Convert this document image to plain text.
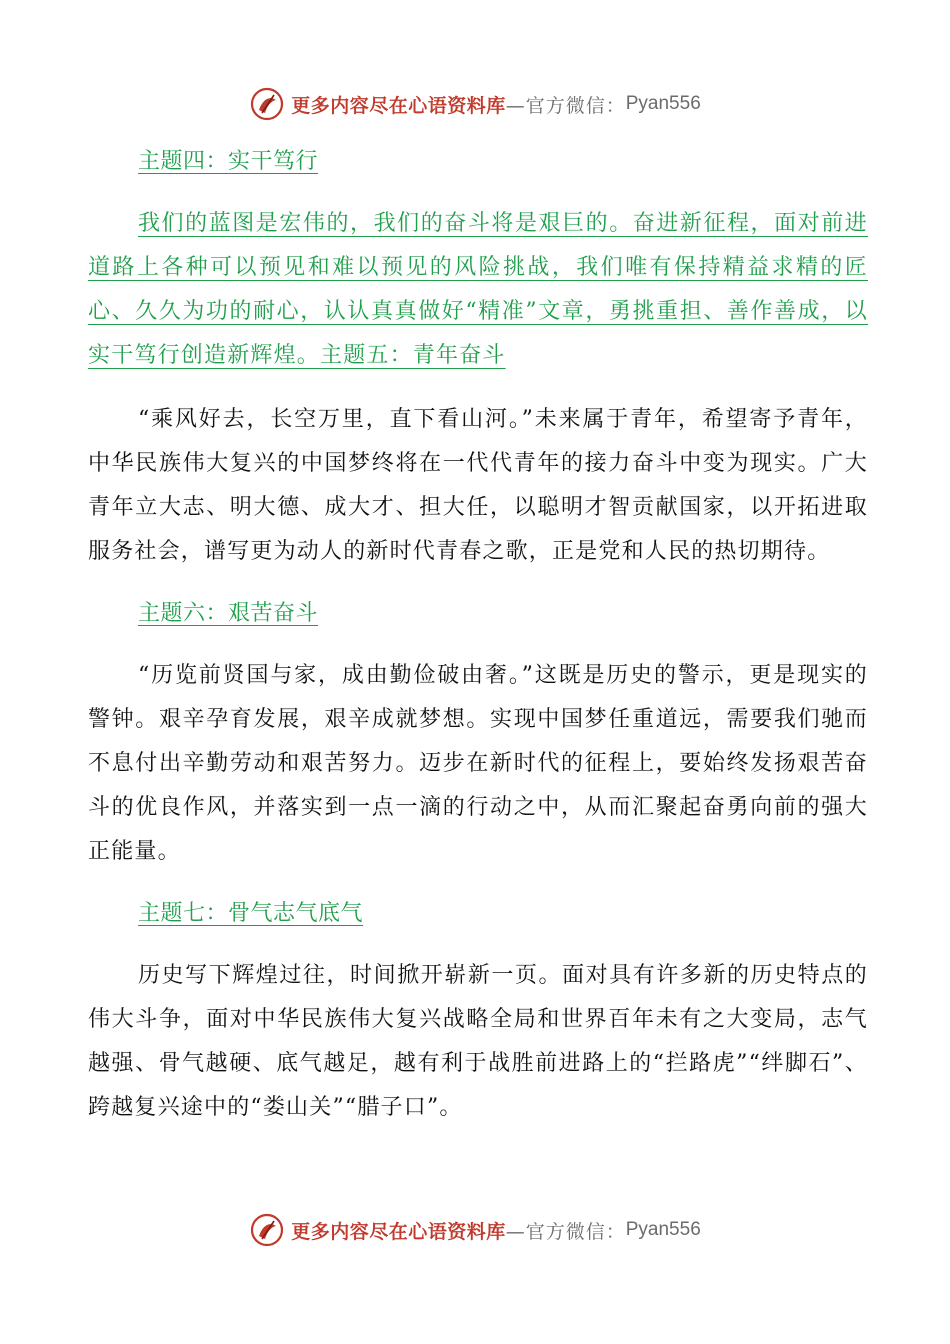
更多内容尽在心语资料库 —官方微信： Pyan556
主题四：实干笃行

我们的蓝图是宏伟的，我们的奋斗将是艰巨的。奋进新征程，面对前进道路上各种可以预见和难以预见的风险挑战，我们唯有保持精益求精的匠心、久久为功的耐心，认认真真做好“精准”文章，勇挑重担、善作善成，以实干笃行创造新辉煌。主题五：青年奋斗

“乘风好去，长空万里，直下看山河。”未来属于青年，希望寄予青年，中华民族伟大复兴的中国梦终将在一代代青年的接力奋斗中变为现实。广大青年立大志、明大德、成大才、担大任，以聪明才智贡献国家，以开拓进取服务社会，谱写更为动人的新时代青春之歌，正是党和人民的热切期待。

主题六：艰苦奋斗

“历览前贤国与家，成由勤俭破由奢。”这既是历史的警示，更是现实的警钟。艰辛孕育发展，艰辛成就梦想。实现中国梦任重道远，需要我们驰而不息付出辛勤劳动和艰苦努力。迈步在新时代的征程上，要始终发扬艰苦奋斗的优良作风，并落实到一点一滴的行动之中，从而汇聚起奋勇向前的强大正能量。

主题七：骨气志气底气

历史写下辉煌过往，时间掀开崭新一页。面对具有许多新的历史特点的伟大斗争，面对中华民族伟大复兴战略全局和世界百年未有之大变局，志气越强、骨气越硬、底气越足，越有利于战胜前进路上的“拦路虎”“绊脚石”、跨越复兴途中的“娄山关”“腊子口”。

更多内容尽在心语资料库 —官方微信： Pyan556
